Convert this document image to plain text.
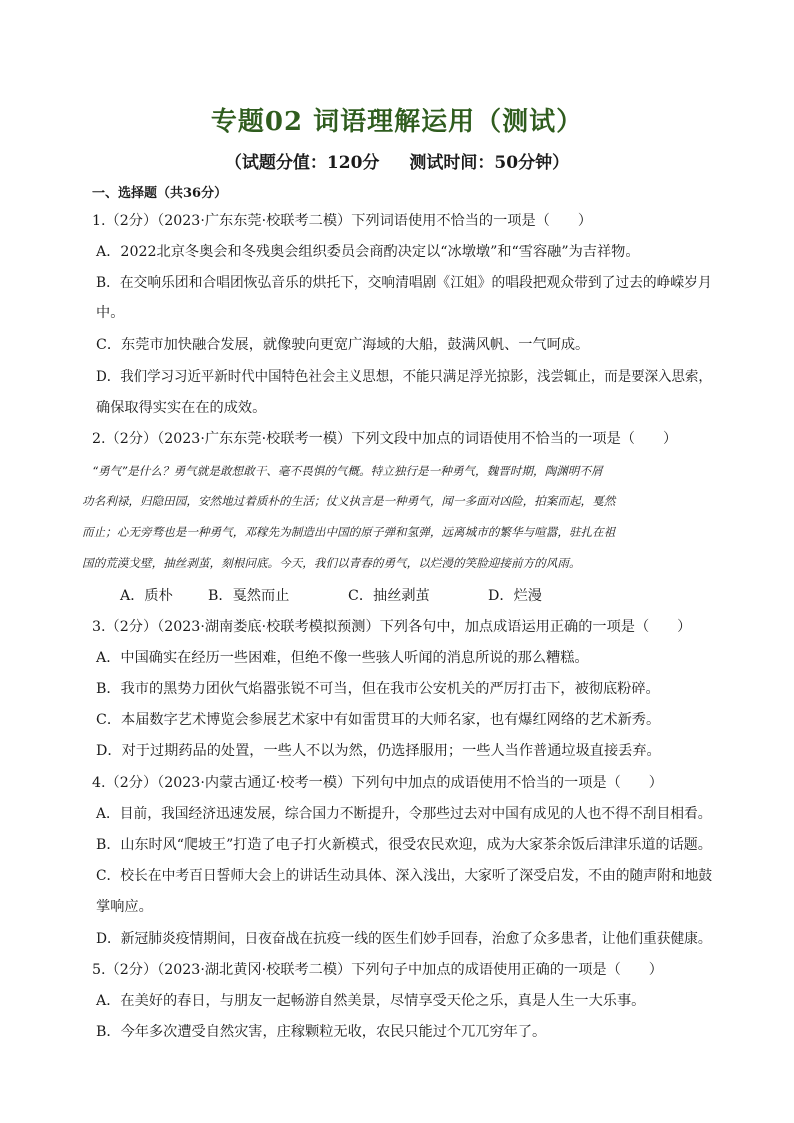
专题02 词语理解运用（测试）
（试题分值：120分 测试时间：50分钟）
一、选择题（共36分）
1.（2分）（2023·广东东莞·校联考二模）下列词语使用不恰当的一项是（ ）
A．2022北京冬奥会和冬残奥会组织委员会商酌决定以“冰墩墩”和“雪容融”为吉祥物。
B．在交响乐团和合唱团恢弘音乐的烘托下，交响清唱剧《江姐》的唱段把观众带到了过去的峥嵘岁月
中。
C．东莞市加快融合发展，就像驶向更宽广海域的大船，鼓满风帆、一气呵成。
D．我们学习习近平新时代中国特色社会主义思想，不能只满足浮光掠影，浅尝辄止，而是要深入思索，
确保取得实实在在的成效。
2.（2分）（2023·广东东莞·校联考一模）下列文段中加点的词语使用不恰当的一项是（ ）
“勇气”是什么？勇气就是敢想敢干、毫不畏惧的气概。特立独行是一种勇气，魏晋时期，陶渊明不屑
功名利禄，归隐田园，安然地过着质朴的生活；仗义执言是一种勇气，闻一多面对凶险，拍案而起，戛然
而止；心无旁骛也是一种勇气，邓稼先为制造出中国的原子弹和氢弹，远离城市的繁华与喧嚣，驻扎在祖
国的荒漠戈壁，抽丝剥茧，刻根问底。今天，我们以青春的勇气，以烂漫的笑脸迎接前方的风雨。
A．质朴 B．戛然而止	C．抽丝剥茧	D．烂漫
3.（2分）（2023·湖南娄底·校联考模拟预测）下列各句中，加点成语运用正确的一项是（ ）
A．中国确实在经历一些困难，但绝不像一些骇人听闻的消息所说的那么糟糕。
B．我市的黑势力团伙气焰嚣张锐不可当，但在我市公安机关的严厉打击下，被彻底粉碎。
C．本届数字艺术博览会参展艺术家中有如雷贯耳的大师名家，也有爆红网络的艺术新秀。
D．对于过期药品的处置，一些人不以为然，仍选择服用；一些人当作普通垃圾直接丢弃。
4.（2分）（2023·内蒙古通辽·校考一模）下列句中加点的成语使用不恰当的一项是（ ）
A．目前，我国经济迅速发展，综合国力不断提升，令那些过去对中国有成见的人也不得不刮目相看。
B．山东时风“爬坡王”打造了电子打火新模式，很受农民欢迎，成为大家茶余饭后津津乐道的话题。
C．校长在中考百日誓师大会上的讲话生动具体、深入浅出，大家听了深受启发，不由的随声附和地鼓
掌响应。
D．新冠肺炎疫情期间，日夜奋战在抗疫一线的医生们妙手回春，治愈了众多患者，让他们重获健康。
5.（2分）（2023·湖北黄冈·校联考二模）下列句子中加点的成语使用正确的一项是（ ）
A．在美好的春日，与朋友一起畅游自然美景，尽情享受天伦之乐，真是人生一大乐事。
B．今年多次遭受自然灾害，庄稼颗粒无收，农民只能过个兀兀穷年了。
